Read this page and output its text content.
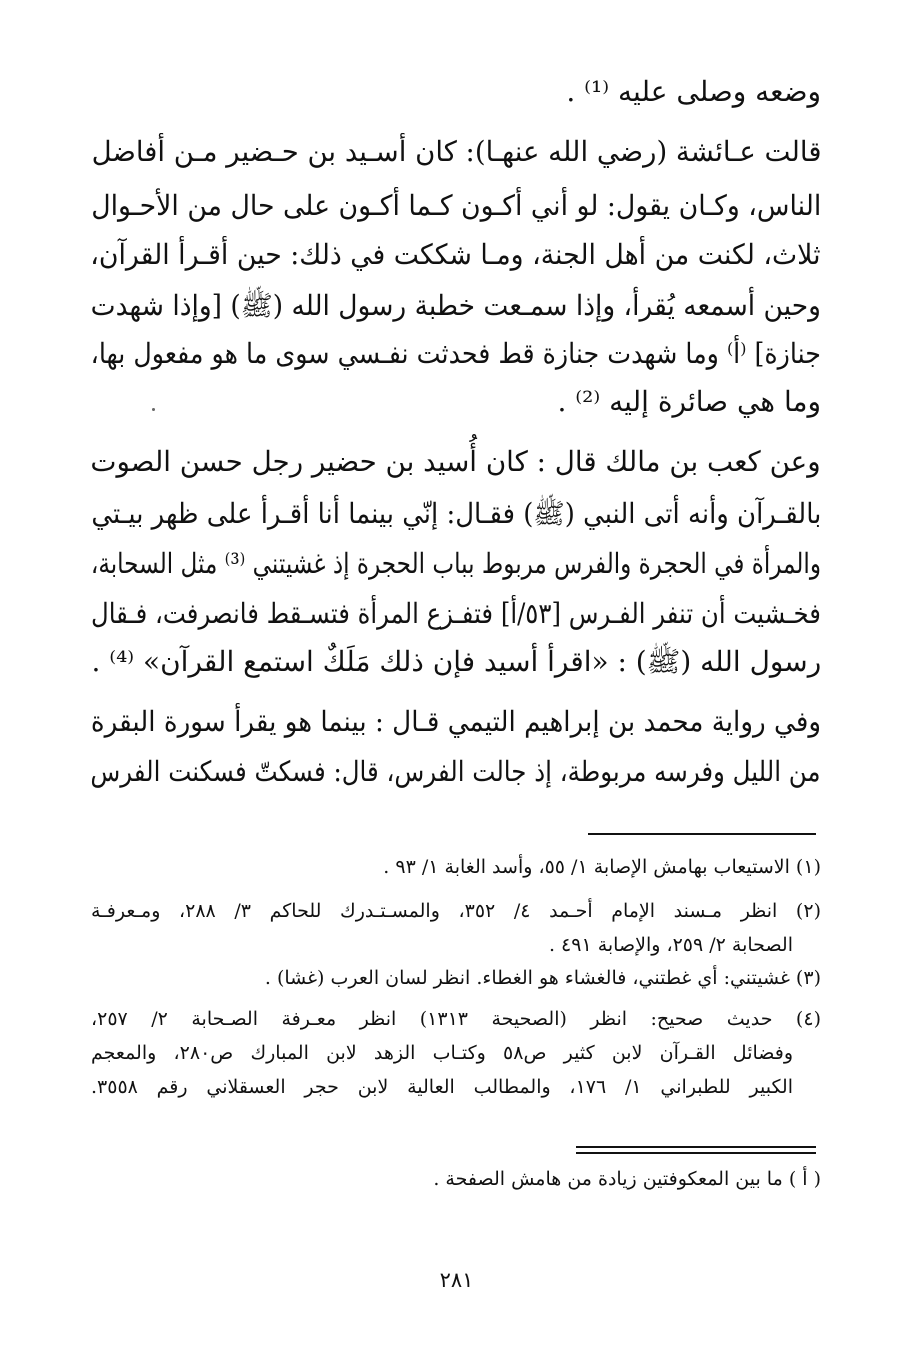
وضعه وصلى عليه ⁽¹⁾ .
قالت عـائشة (رضي الله عنهـا): كان أسـيد بن حـضير مـن أفاضل
الناس، وكـان يقول: لو أني أكـون كـما أكـون على حال من الأحـوال
ثلاث، لكنت من أهل الجنة، ومـا شككت في ذلك: حين أقـرأ القرآن،
وحين أسمعه يُقرأ، وإذا سمـعت خطبة رسول الله (ﷺ) [وإذا شهدت
جنازة] ⁽أ⁾ وما شهدت جنازة قط فحدثت نفـسي سوى ما هو مفعول بها،
وما هي صائرة إليه ⁽²⁾ .
وعن كعب بن مالك قال : كان أُسيد بن حضير رجل حسن الصوت
بالقـرآن وأنه أتى النبي (ﷺ) فقـال: إنّي بينما أنا أقـرأ على ظهر بيـتي
والمرأة في الحجرة والفرس مربوط بباب الحجرة إذ غشيتني ⁽³⁾ مثل السحابة،
فخـشيت أن تنفر الفـرس [٥٣/أ] فتفـزع المرأة فتسـقط فانصرفت، فـقال
رسول الله (ﷺ) : «اقرأ أسيد فإن ذلك مَلَكٌ استمع القرآن» ⁽⁴⁾ .
وفي رواية محمد بن إبراهيم التيمي قـال : بينما هو يقرأ سورة البقرة
من الليل وفرسه مربوطة، إذ جالت الفرس، قال: فسكتّ فسكنت الفرس
(١) الاستيعاب بهامش الإصابة ١/ ٥٥، وأسد الغابة ١/ ٩٣ .
(٢) انظر مـسند الإمام أحـمد ٤/ ٣٥٢، والمسـتـدرك للحاكم ٣/ ٢٨٨، ومـعرفـة
الصحابة ٢/ ٢٥٩، والإصابة ٤٩١ .
(٣) غشيتني: أي غطتني، فالغشاء هو الغطاء. انظر لسان العرب (غشا) .
(٤) حديث صحيح: انظر (الصحيحة ١٣١٣) انظر معـرفة الصـحابة ٢/ ٢٥٧،
وفضائل القـرآن لابن كثير ص٥٨ وكتـاب الزهد لابن المبارك ص٢٨٠، والمعجم
الكبير للطبراني ١/ ١٧٦، والمطالب العالية لابن حجر العسقلاني رقم ٣٥٥٨.
( أ ) ما بين المعكوفتين زيادة من هامش الصفحة .
٢٨١
